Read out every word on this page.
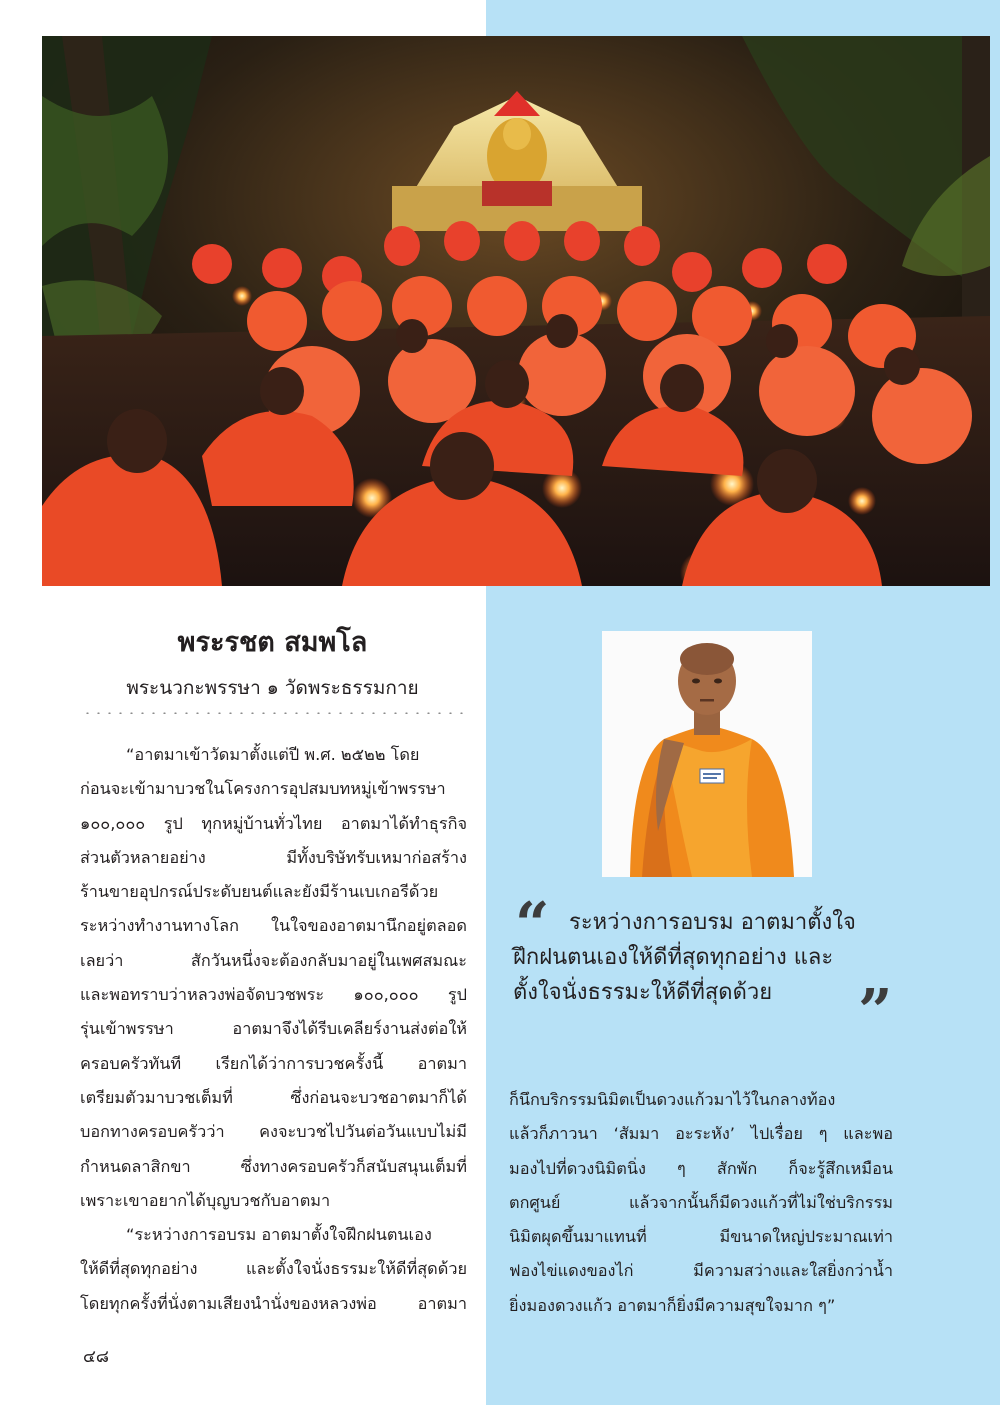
พระรชต สมพโล
พระนวกะพรรษา ๑ วัดพระธรรมกาย
“อาตมาเข้าวัดมาตั้งแต่ปี พ.ศ. ๒๕๒๒ โดย
ก่อนจะเข้ามาบวชในโครงการอุปสมบทหมู่เข้าพรรษา
๑๐๐,๐๐๐ รูป ทุกหมู่บ้านทั่วไทย อาตมาได้ทำธุรกิจ
ส่วนตัวหลายอย่าง มีทั้งบริษัทรับเหมาก่อสร้าง
ร้านขายอุปกรณ์ประดับยนต์และยังมีร้านเบเกอรีด้วย
ระหว่างทำงานทางโลก ในใจของอาตมานึกอยู่ตลอด
เลยว่า สักวันหนึ่งจะต้องกลับมาอยู่ในเพศสมณะ
และพอทราบว่าหลวงพ่อจัดบวชพระ ๑๐๐,๐๐๐ รูป
รุ่นเข้าพรรษา อาตมาจึงได้รีบเคลียร์งานส่งต่อให้
ครอบครัวทันที เรียกได้ว่าการบวชครั้งนี้ อาตมา
เตรียมตัวมาบวชเต็มที่ ซึ่งก่อนจะบวชอาตมาก็ได้
บอกทางครอบครัวว่า คงจะบวชไปวันต่อวันแบบไม่มี
กำหนดลาสิกขา ซึ่งทางครอบครัวก็สนับสนุนเต็มที่
เพราะเขาอยากได้บุญบวชกับอาตมา
“ระหว่างการอบรม อาตมาตั้งใจฝึกฝนตนเอง
ให้ดีที่สุดทุกอย่าง และตั้งใจนั่งธรรมะให้ดีที่สุดด้วย
โดยทุกครั้งที่นั่งตามเสียงนำนั่งของหลวงพ่อ อาตมา
“ ระหว่างการอบรม อาตมาตั้งใจ
ฝึกฝนตนเองให้ดีที่สุดทุกอย่าง และ
ตั้งใจนั่งธรรมะให้ดีที่สุดด้วย	”
ก็นึกบริกรรมนิมิตเป็นดวงแก้วมาไว้ในกลางท้อง
แล้วก็ภาวนา ‘สัมมา อะระหัง’ ไปเรื่อย ๆ และพอ
มองไปที่ดวงนิมิตนิ่ง ๆ สักพัก ก็จะรู้สึกเหมือน
ตกศูนย์ แล้วจากนั้นก็มีดวงแก้วที่ไม่ใช่บริกรรม
นิมิตผุดขึ้นมาแทนที่ มีขนาดใหญ่ประมาณเท่า
ฟองไข่แดงของไก่ มีความสว่างและใสยิ่งกว่าน้ำ
ยิ่งมองดวงแก้ว อาตมาก็ยิ่งมีความสุขใจมาก ๆ”
๔๘
